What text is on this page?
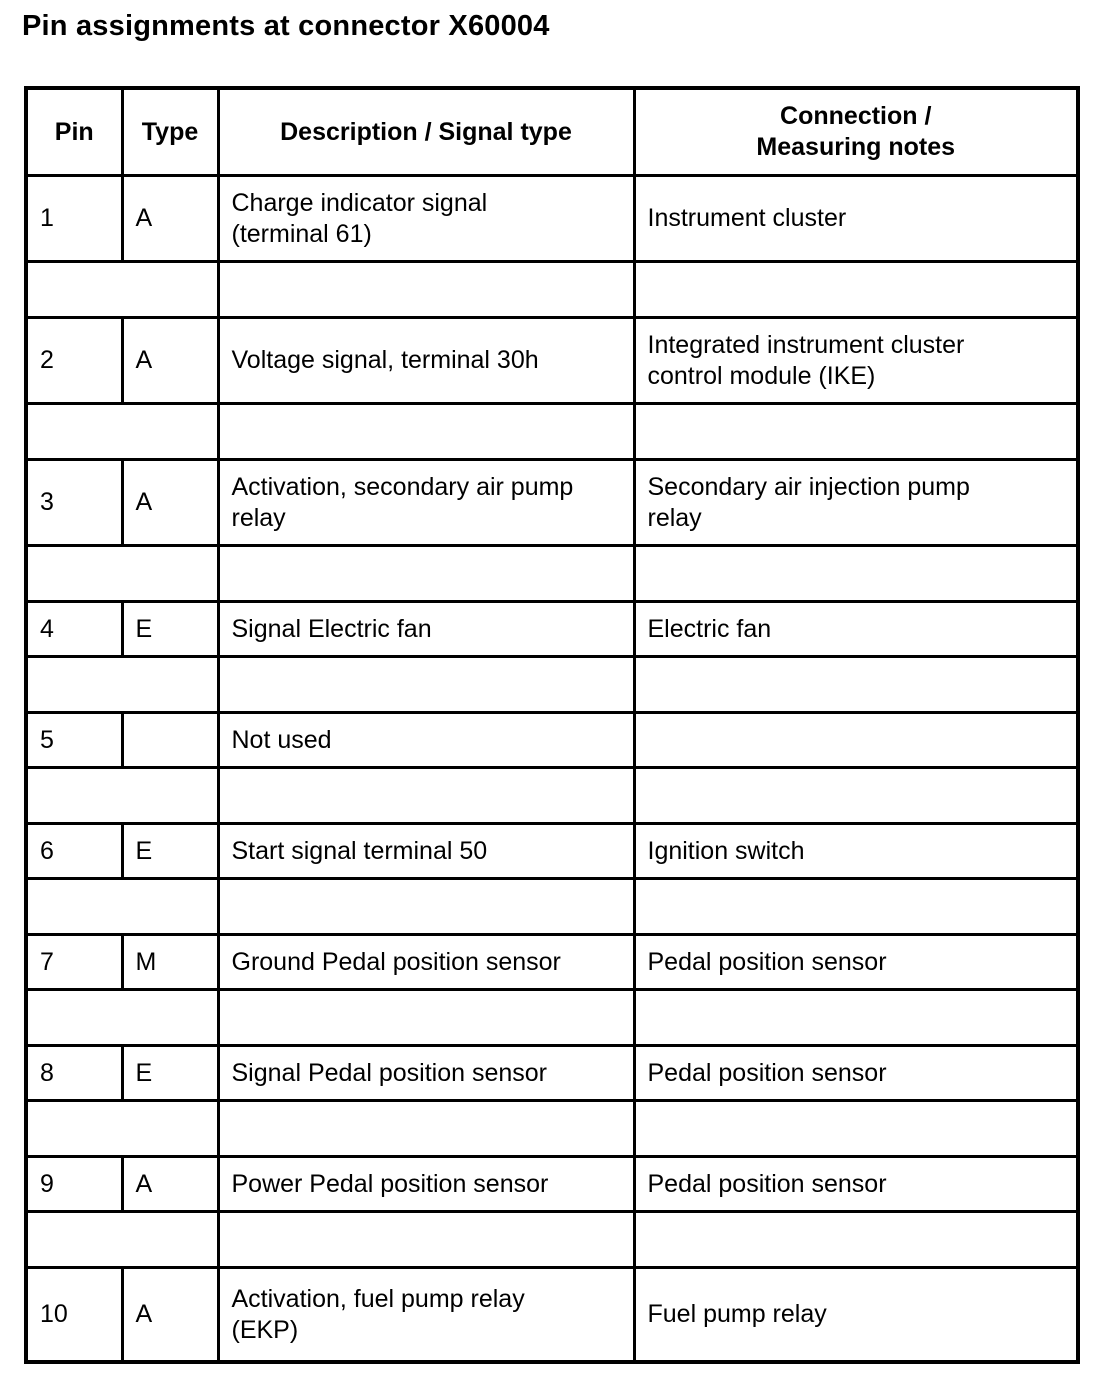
Pin assignments at connector X60004
Pin	Type	Description / Signal type	Connection / Measuring notes
1	A	Charge indicator signal (terminal 61)	Instrument cluster

2	A	Voltage signal, terminal 30h	Integrated instrument cluster control module (IKE)

3	A	Activation, secondary air pump relay	Secondary air injection pump relay

4	E	Signal Electric fan	Electric fan

5		Not used	

6	E	Start signal terminal 50	Ignition switch

7	M	Ground Pedal position sensor	Pedal position sensor

8	E	Signal Pedal position sensor	Pedal position sensor

9	A	Power Pedal position sensor	Pedal position sensor

10	A	Activation, fuel pump relay (EKP)	Fuel pump relay
